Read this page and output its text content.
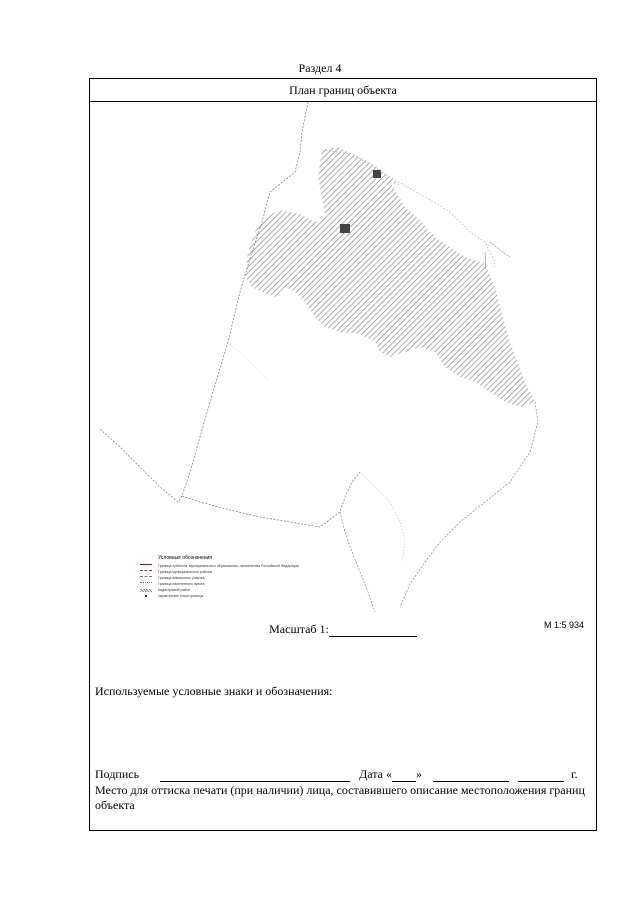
Раздел 4
План границ объекта
Условные обозначения
Граница субъекта, муниципального образования, лесничества Российской Федерации
Граница муниципального района
Граница земельного участка
Граница населенного пункта
Кадастровый район
характерные точки границы
М 1:5 934
Масштаб 1:
Используемые условные знаки и обозначения:
Подпись	Дата « »	г.
Место для оттиска печати (при наличии) лица, составившего описание местоположения границ объекта
